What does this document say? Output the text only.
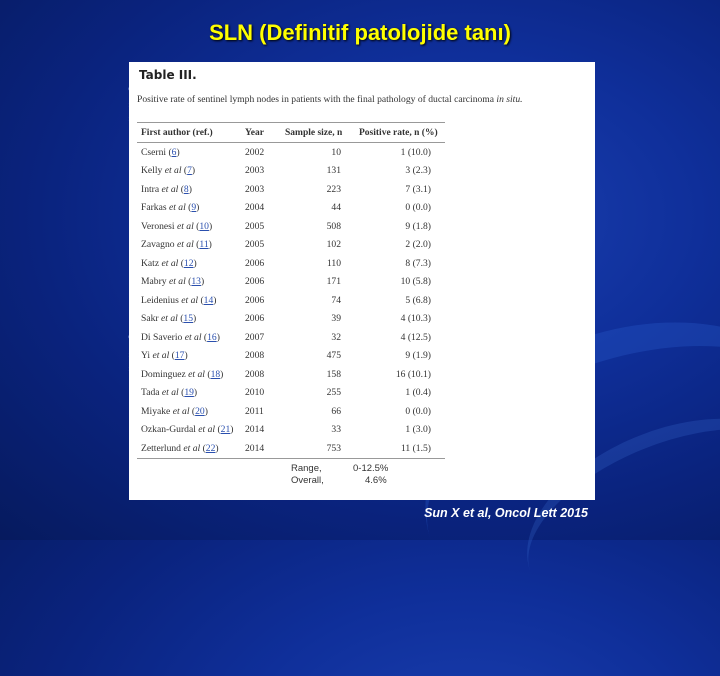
SLN (Definitif patolojide tanı)
Table III.
Positive rate of sentinel lymph nodes in patients with the final pathology of ductal carcinoma in situ.
First author (ref.)	Year	Sample size, n	Positive rate, n (%)
Cserni (6)	2002	10	1 (10.0)
Kelly et al (7)	2003	131	3 (2.3)
Intra et al (8)	2003	223	7 (3.1)
Farkas et al (9)	2004	44	0 (0.0)
Veronesi et al (10)	2005	508	9 (1.8)
Zavagno et al (11)	2005	102	2 (2.0)
Katz et al (12)	2006	110	8 (7.3)
Mabry et al (13)	2006	171	10 (5.8)
Leidenius et al (14)	2006	74	5 (6.8)
Sakr et al (15)	2006	39	4 (10.3)
Di Saverio et al (16)	2007	32	4 (12.5)
Yi et al (17)	2008	475	9 (1.9)
Dominguez et al (18)	2008	158	16 (10.1)
Tada et al (19)	2010	255	1 (0.4)
Miyake et al (20)	2011	66	0 (0.0)
Ozkan-Gurdal et al (21)	2014	33	1 (3.0)
Zetterlund et al (22)	2014	753	11 (1.5)
Range,	0-12.5%
Overall,	4.6%
Sun X et al, Oncol Lett 2015
